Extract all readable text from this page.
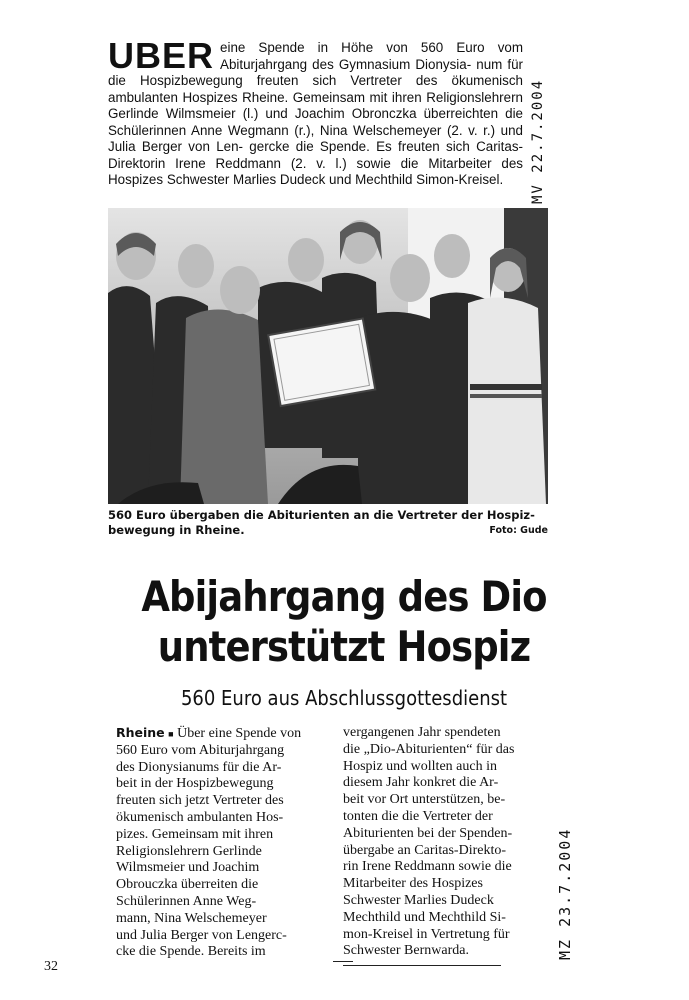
UBER eine Spende in Höhe von 560 Euro vom Abiturjahrgang des Gymnasium Dionysia- num für die Hospizbewegung freuten sich Vertreter des ökumenisch ambulanten Hospizes Rheine. Gemeinsam mit ihren Religionslehrern Gerlinde Wilmsmeier (l.) und Joachim Obronczka überreichten die Schülerinnen Anne Wegmann (r.), Nina Welschemeyer (2. v. r.) und Julia Berger von Len- gercke die Spende. Es freuten sich Caritas-Direktorin Irene Reddmann (2. v. l.) sowie die Mitarbeiter des Hospizes Schwester Marlies Dudeck und Mechthild Simon-Kreisel.	MV 22.7.2004
560 Euro übergaben die Abiturienten an die Vertreter der Hospiz-bewegung in Rheine.	Foto: Gude
Abijahrgang des Dio
unterstützt Hospiz
560 Euro aus Abschlussgottesdienst
Rheine ■ Über eine Spende von
560 Euro vom Abiturjahrgang
des Dionysianums für die Ar-
beit in der Hospizbewegung
freuten sich jetzt Vertreter des
ökumenisch ambulanten Hos-
pizes. Gemeinsam mit ihren
Religionslehrern Gerlinde
Wilmsmeier und Joachim
Obrouczka überreiten die
Schülerinnen Anne Weg-
mann, Nina Welschemeyer
und Julia Berger von Lengerc-
cke die Spende. Bereits im
vergangenen Jahr spendeten
die „Dio-Abiturienten“ für das
Hospiz und wollten auch in
diesem Jahr konkret die Ar-
beit vor Ort unterstützen, be-
tonten die die Vertreter der
Abiturienten bei der Spenden-
übergabe an Caritas-Direkto-
rin Irene Reddmann sowie die
Mitarbeiter des Hospizes
Schwester Marlies Dudeck
Mechthild und Mechthild Si-
mon-Kreisel in Vertretung für
Schwester Bernwarda.	MZ 23.7.2004
32
